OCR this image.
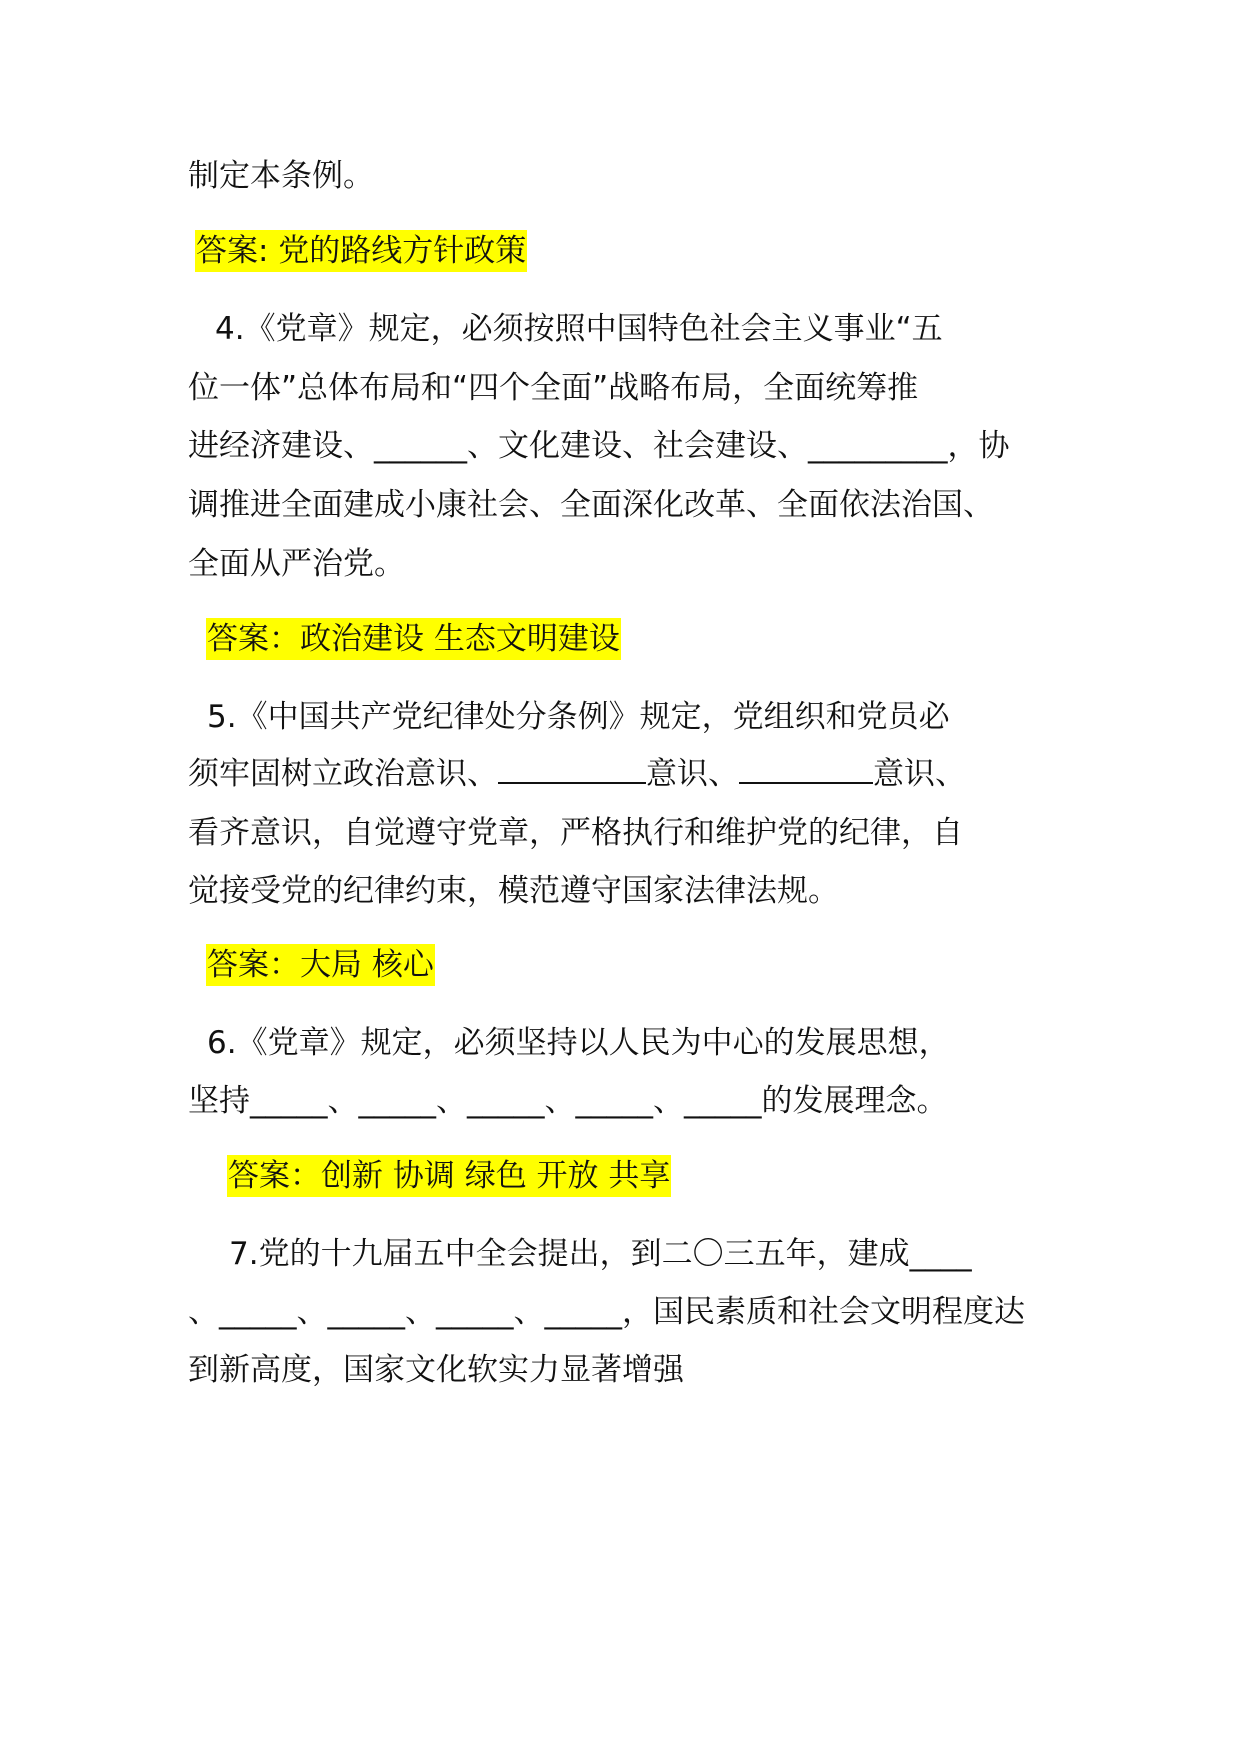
制定本条例。
答案: 党的路线方针政策
4.《党章》规定，必须按照中国特色社会主义事业“五
位一体”总体布局和“四个全面”战略布局，全面统筹推
进经济建设、______、文化建设、社会建设、_________，协
调推进全面建成小康社会、全面深化改革、全面依法治国、
全面从严治党。
答案：政治建设 生态文明建设
5.《中国共产党纪律处分条例》规定，党组织和党员必
须牢固树立政治意识、	意识、	意识、
看齐意识，自觉遵守党章，严格执行和维护党的纪律，自
觉接受党的纪律约束，模范遵守国家法律法规。
答案：大局 核心
6.《党章》规定，必须坚持以人民为中心的发展思想，
坚持_____、_____、_____、_____、_____的发展理念。
答案：创新 协调 绿色 开放 共享
7.党的十九届五中全会提出，到二〇三五年，建成____
、_____、_____、_____、_____，国民素质和社会文明程度达
到新高度，国家文化软实力显著增强
